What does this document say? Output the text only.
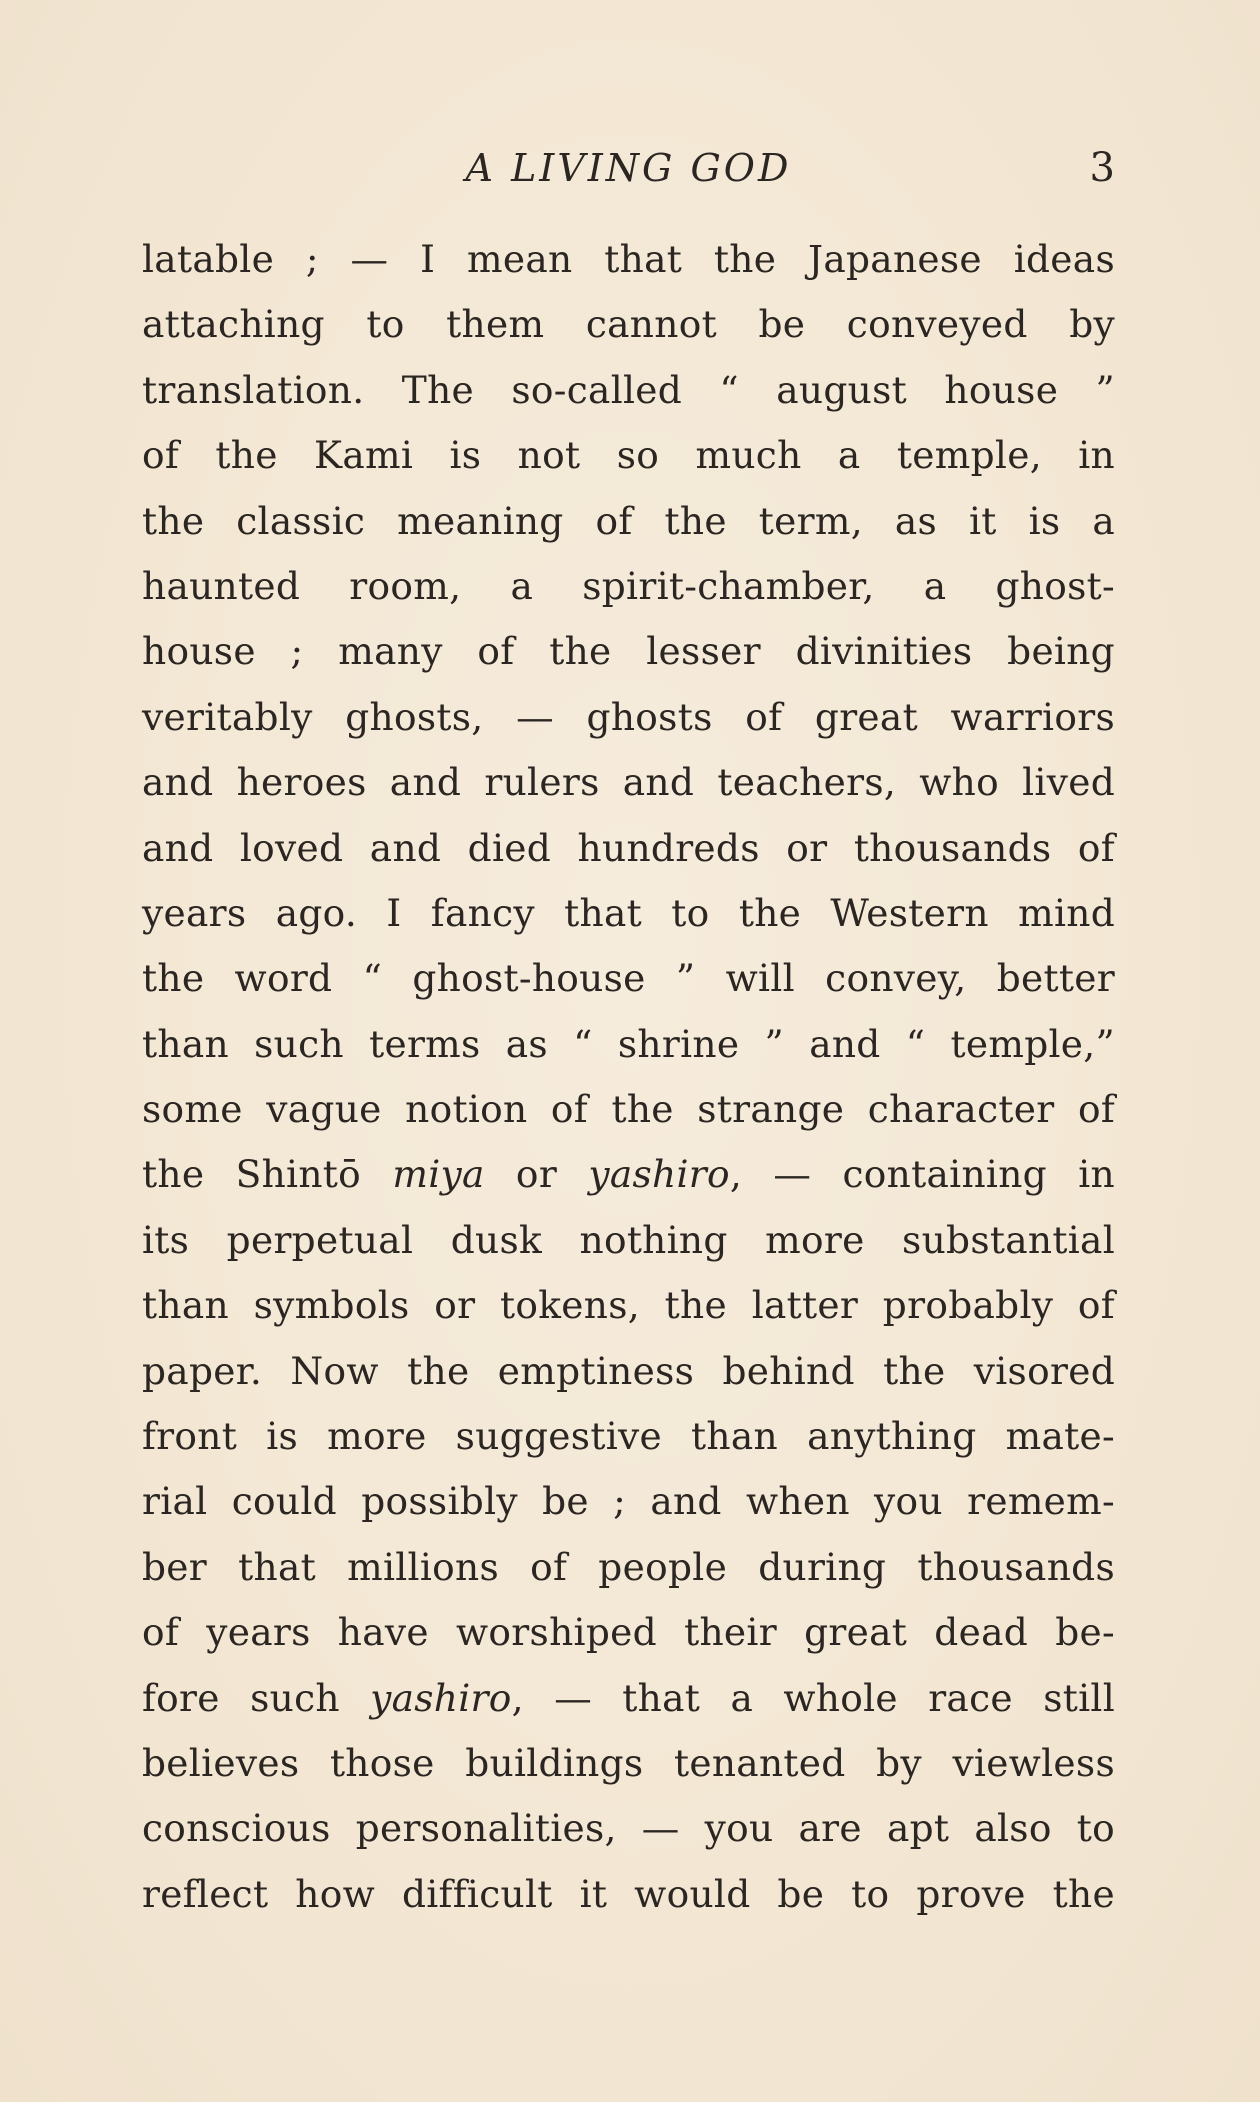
A LIVING GOD	3
latable ; — I mean that the Japanese ideas
attaching to them cannot be conveyed by
translation. The so-called “ august house ”
of the Kami is not so much a temple, in
the classic meaning of the term, as it is a
haunted room, a spirit-chamber, a ghost-
house ; many of the lesser divinities being
veritably ghosts, — ghosts of great warriors
and heroes and rulers and teachers, who lived
and loved and died hundreds or thousands of
years ago. I fancy that to the Western mind
the word “ ghost-house ” will convey, better
than such terms as “ shrine ” and “ temple,”
some vague notion of the strange character of
the Shintō miya or yashiro, — containing in
its perpetual dusk nothing more substantial
than symbols or tokens, the latter probably of
paper. Now the emptiness behind the visored
front is more suggestive than anything mate-
rial could possibly be ; and when you remem-
ber that millions of people during thousands
of years have worshiped their great dead be-
fore such yashiro, — that a whole race still
believes those buildings tenanted by viewless
conscious personalities, — you are apt also to
reflect how difficult it would be to prove the
